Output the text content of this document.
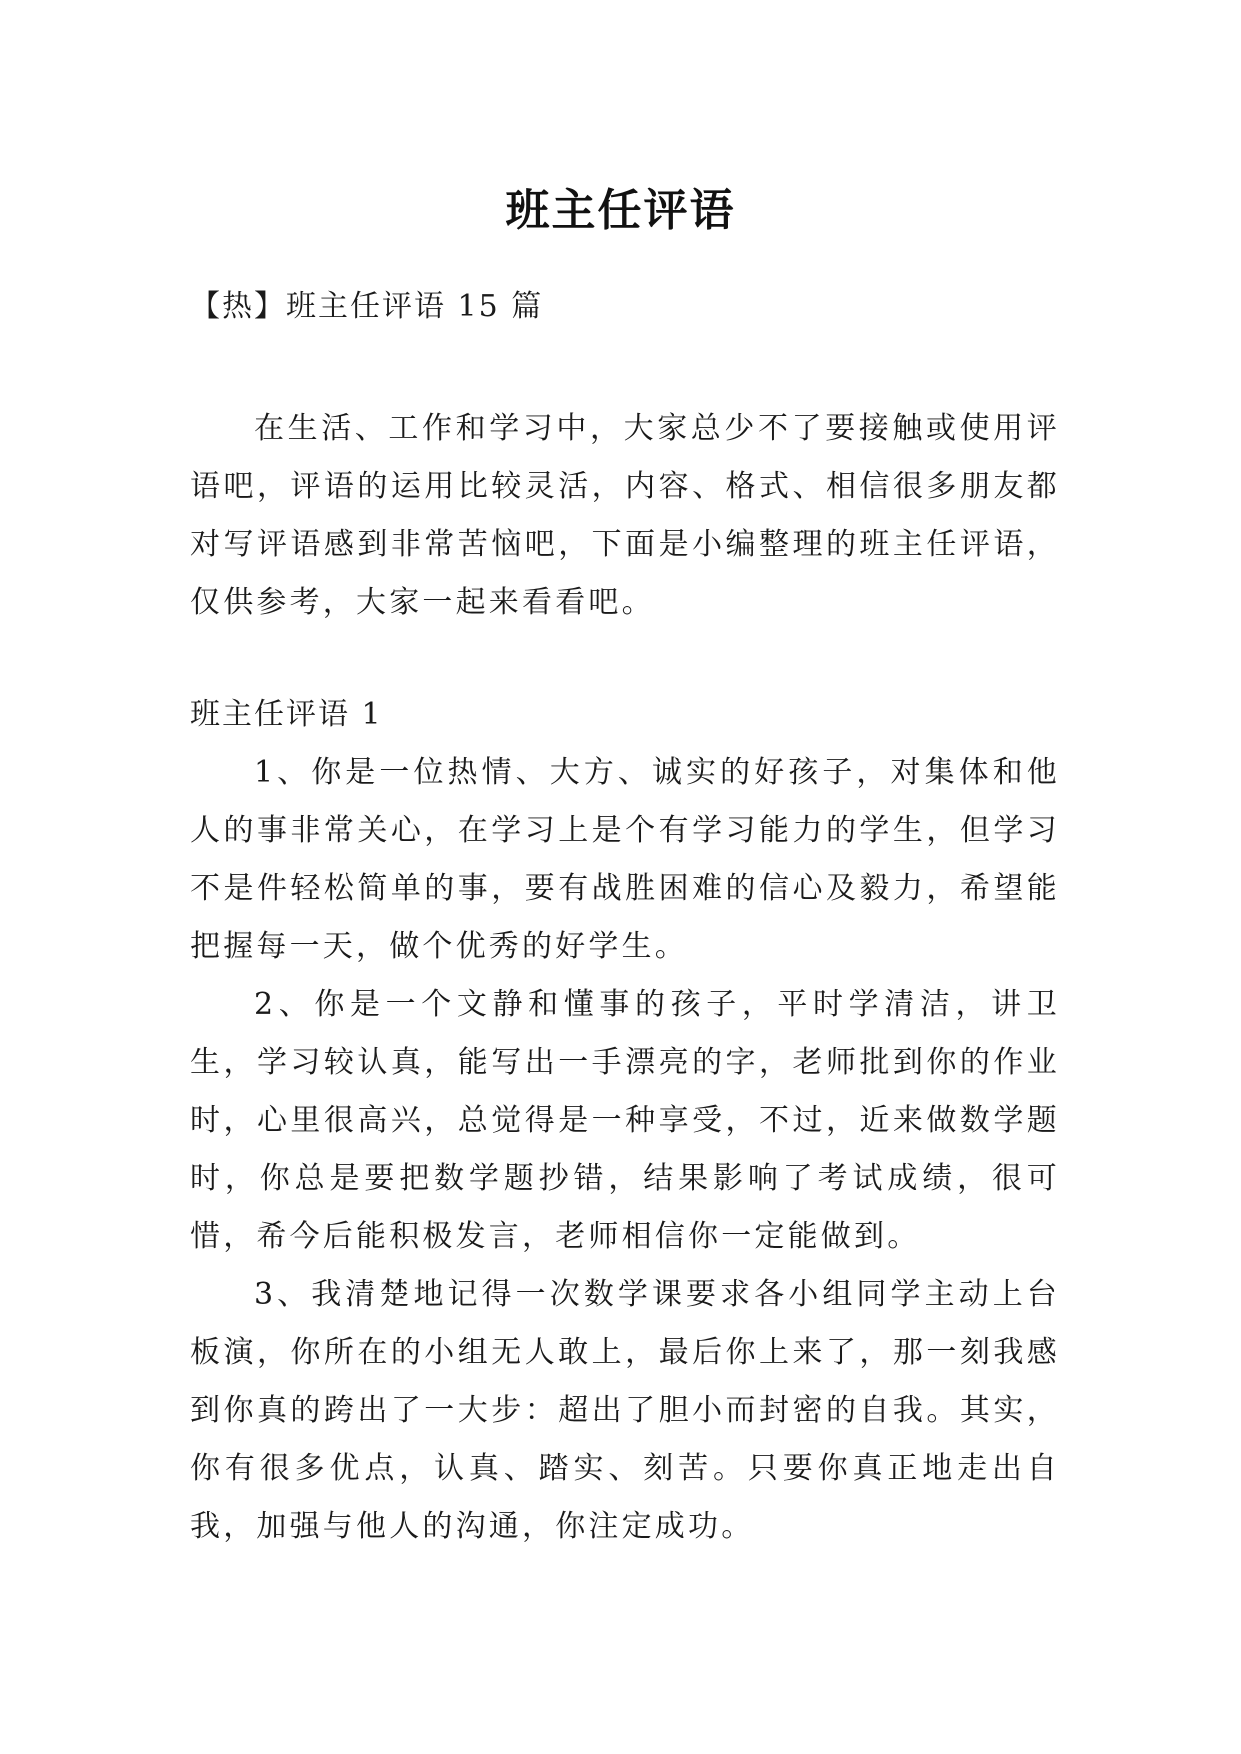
班主任评语

【热】班主任评语 15 篇

在生活、工作和学习中，大家总少不了要接触或使用评语吧，评语的运用比较灵活，内容、格式、相信很多朋友都对写评语感到非常苦恼吧，下面是小编整理的班主任评语，仅供参考，大家一起来看看吧。

班主任评语 1

1、你是一位热情、大方、诚实的好孩子，对集体和他人的事非常关心，在学习上是个有学习能力的学生，但学习不是件轻松简单的事，要有战胜困难的信心及毅力，希望能把握每一天，做个优秀的好学生。

2、你是一个文静和懂事的孩子，平时学清洁，讲卫生，学习较认真，能写出一手漂亮的字，老师批到你的作业时，心里很高兴，总觉得是一种享受，不过，近来做数学题时，你总是要把数学题抄错，结果影响了考试成绩，很可惜，希今后能积极发言，老师相信你一定能做到。

3、我清楚地记得一次数学课要求各小组同学主动上台板演，你所在的小组无人敢上，最后你上来了，那一刻我感到你真的跨出了一大步：超出了胆小而封密的自我。其实，你有很多优点，认真、踏实、刻苦。只要你真正地走出自我，加强与他人的沟通，你注定成功。
